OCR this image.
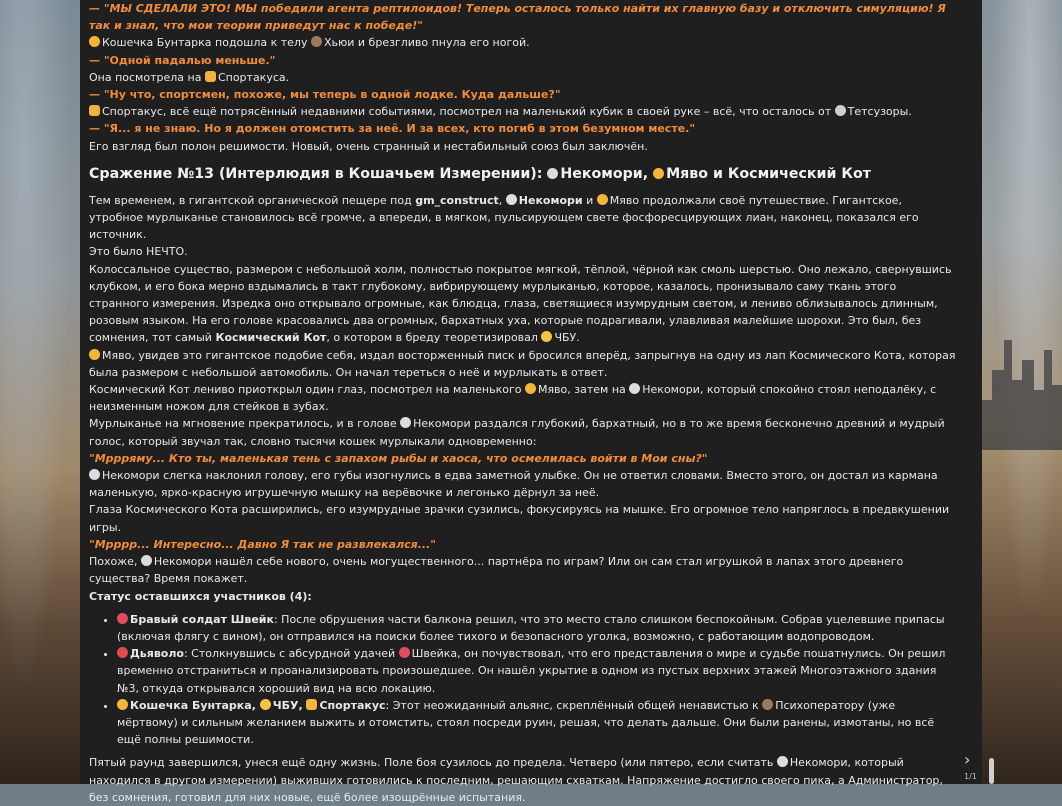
— "МЫ СДЕЛАЛИ ЭТО! МЫ победили агента рептилоидов! Теперь осталось только найти их главную базу и отключить симуляцию! Я так и знал, что мои теории приведут нас к победе!"

Кошечка Бунтарка подошла к телу Хьюи и брезгливо пнула его ногой.

— "Одной падалью меньше."

Она посмотрела на Спортакуса.

— "Ну что, спортсмен, похоже, мы теперь в одной лодке. Куда дальше?"

Спортакус, всё ещё потрясённый недавними событиями, посмотрел на маленький кубик в своей руке – всё, что осталось от Тетсузоры.

— "Я... я не знаю. Но я должен отомстить за неё. И за всех, кто погиб в этом безумном месте."

Его взгляд был полон решимости. Новый, очень странный и нестабильный союз был заключён.

Сражение №13 (Интерлюдия в Кошачьем Измерении): Некомори, Мяво и Космический Кот

Тем временем, в гигантской органической пещере под gm_construct, Некомори и Мяво продолжали своё путешествие. Гигантское, утробное мурлыканье становилось всё громче, а впереди, в мягком, пульсирующем свете фосфоресцирующих лиан, наконец, показался его источник.

Это было НЕЧТО.

Колоссальное существо, размером с небольшой холм, полностью покрытое мягкой, тёплой, чёрной как смоль шерстью. Оно лежало, свернувшись клубком, и его бока мерно вздымались в такт глубокому, вибрирующему мурлыканью, которое, казалось, пронизывало саму ткань этого странного измерения. Изредка оно открывало огромные, как блюдца, глаза, светящиеся изумрудным светом, и лениво облизывалось длинным, розовым языком. На его голове красовались два огромных, бархатных уха, которые подрагивали, улавливая малейшие шорохи. Это был, без сомнения, тот самый Космический Кот, о котором в бреду теоретизировал ЧБУ.

Мяво, увидев это гигантское подобие себя, издал восторженный писк и бросился вперёд, запрыгнув на одну из лап Космического Кота, которая была размером с небольшой автомобиль. Он начал тереться о неё и мурлыкать в ответ.

Космический Кот лениво приоткрыл один глаз, посмотрел на маленького Мяво, затем на Некомори, который спокойно стоял неподалёку, с неизменным ножом для стейков в зубах.

Мурлыканье на мгновение прекратилось, и в голове Некомори раздался глубокий, бархатный, но в то же время бесконечно древний и мудрый голос, который звучал так, словно тысячи кошек мурлыкали одновременно:

"Мррряму... Кто ты, маленькая тень с запахом рыбы и хаоса, что осмелилась войти в Мои сны?"

Некомори слегка наклонил голову, его губы изогнулись в едва заметной улыбке. Он не ответил словами. Вместо этого, он достал из кармана маленькую, ярко-красную игрушечную мышку на верёвочке и легонько дёрнул за неё.

Глаза Космического Кота расширились, его изумрудные зрачки сузились, фокусируясь на мышке. Его огромное тело напряглось в предвкушении игры.

"Мрррр... Интересно... Давно Я так не развлекался..."

Похоже, Некомори нашёл себе нового, очень могущественного... партнёра по играм? Или он сам стал игрушкой в лапах этого древнего существа? Время покажет.

Статус оставшихся участников (4):

• Бравый солдат Швейк: После обрушения части балкона решил, что это место стало слишком беспокойным. Собрав уцелевшие припасы (включая флягу с вином), он отправился на поиски более тихого и безопасного уголка, возможно, с работающим водопроводом.
• Дьяволо: Столкнувшись с абсурдной удачей Швейка, он почувствовал, что его представления о мире и судьбе пошатнулись. Он решил временно отстраниться и проанализировать произошедшее. Он нашёл укрытие в одном из пустых верхних этажей Многоэтажного здания №3, откуда открывался хороший вид на всю локацию.
• Кошечка Бунтарка, ЧБУ, Спортакус: Этот неожиданный альянс, скреплённый общей ненавистью к Психоператору (уже мёртвому) и сильным желанием выжить и отомстить, стоял посреди руин, решая, что делать дальше. Они были ранены, измотаны, но всё ещё полны решимости.

Пятый раунд завершился, унеся ещё одну жизнь. Поле боя сузилось до предела. Четверо (или пятеро, если считать Некомори, который находился в другом измерении) выживших готовились к последним, решающим схваткам. Напряжение достигло своего пика, а Администратор, без сомнения, готовил для них новые, ещё более изощрённые испытания.

›
1/1
